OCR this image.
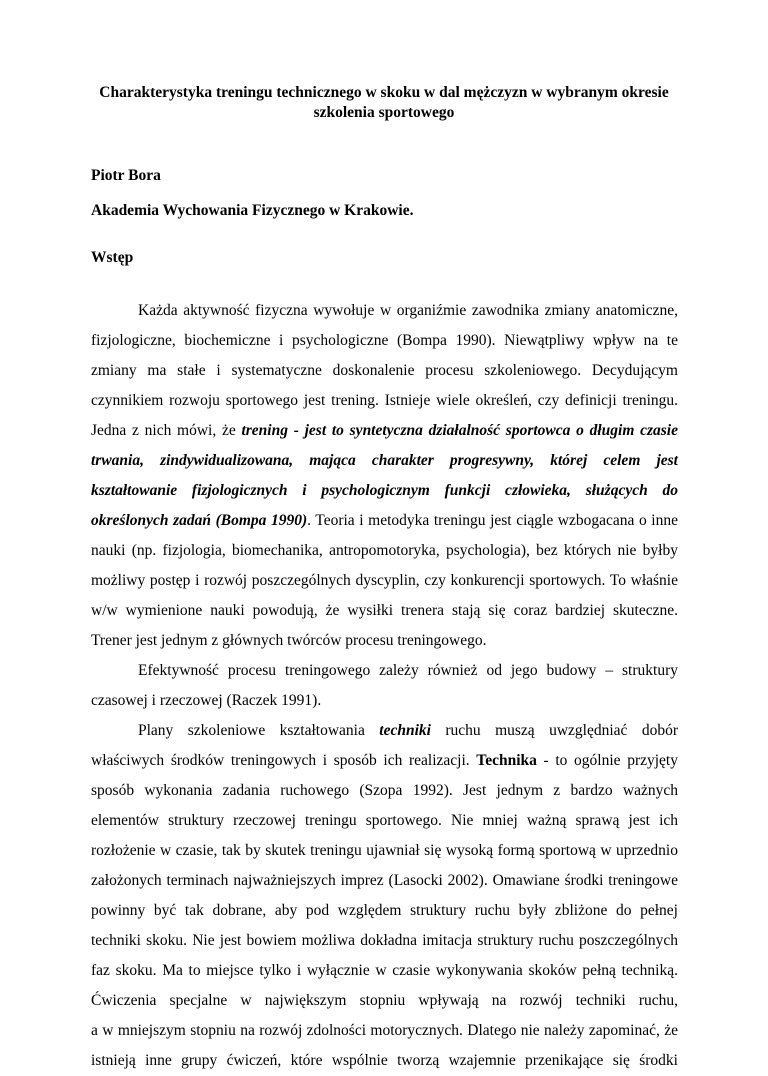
Charakterystyka treningu technicznego w skoku w dal mężczyzn w wybranym okresie
szkolenia sportowego
Piotr Bora
Akademia Wychowania Fizycznego w Krakowie.
Wstęp
Każda aktywność fizyczna wywołuje w organiźmie zawodnika zmiany anatomiczne,
fizjologiczne, biochemiczne i psychologiczne (Bompa 1990). Niewątpliwy wpływ na te
zmiany ma stałe i systematyczne doskonalenie procesu szkoleniowego. Decydującym
czynnikiem rozwoju sportowego jest trening. Istnieje wiele określeń, czy definicji treningu.
Jedna z nich mówi, że trening - jest to syntetyczna działalność sportowca o długim czasie
trwania, zindywidualizowana, mająca charakter progresywny, której celem jest
kształtowanie fizjologicznych i psychologicznym funkcji człowieka, służących do
określonych zadań (Bompa 1990). Teoria i metodyka treningu jest ciągle wzbogacana o inne
nauki (np. fizjologia, biomechanika, antropomotoryka, psychologia), bez których nie byłby
możliwy postęp i rozwój poszczególnych dyscyplin, czy konkurencji sportowych. To właśnie
w/w wymienione nauki powodują, że wysiłki trenera stają się coraz bardziej skuteczne.
Trener jest jednym z głównych twórców procesu treningowego.
Efektywność procesu treningowego zależy również od jego budowy – struktury
czasowej i rzeczowej (Raczek 1991).
Plany szkoleniowe kształtowania techniki ruchu muszą uwzględniać dobór
właściwych środków treningowych i sposób ich realizacji. Technika - to ogólnie przyjęty
sposób wykonania zadania ruchowego (Szopa 1992). Jest jednym z bardzo ważnych
elementów struktury rzeczowej treningu sportowego. Nie mniej ważną sprawą jest ich
rozłożenie w czasie, tak by skutek treningu ujawniał się wysoką formą sportową w uprzednio
założonych terminach najważniejszych imprez (Lasocki 2002). Omawiane środki treningowe
powinny być tak dobrane, aby pod względem struktury ruchu były zbliżone do pełnej
techniki skoku. Nie jest bowiem możliwa dokładna imitacja struktury ruchu poszczególnych
faz skoku. Ma to miejsce tylko i wyłącznie w czasie wykonywania skoków pełną techniką.
Ćwiczenia specjalne w największym stopniu wpływają na rozwój techniki ruchu,
a w mniejszym stopniu na rozwój zdolności motorycznych. Dlatego nie należy zapominać, że
istnieją inne grupy ćwiczeń, które wspólnie tworzą wzajemnie przenikające się środki
